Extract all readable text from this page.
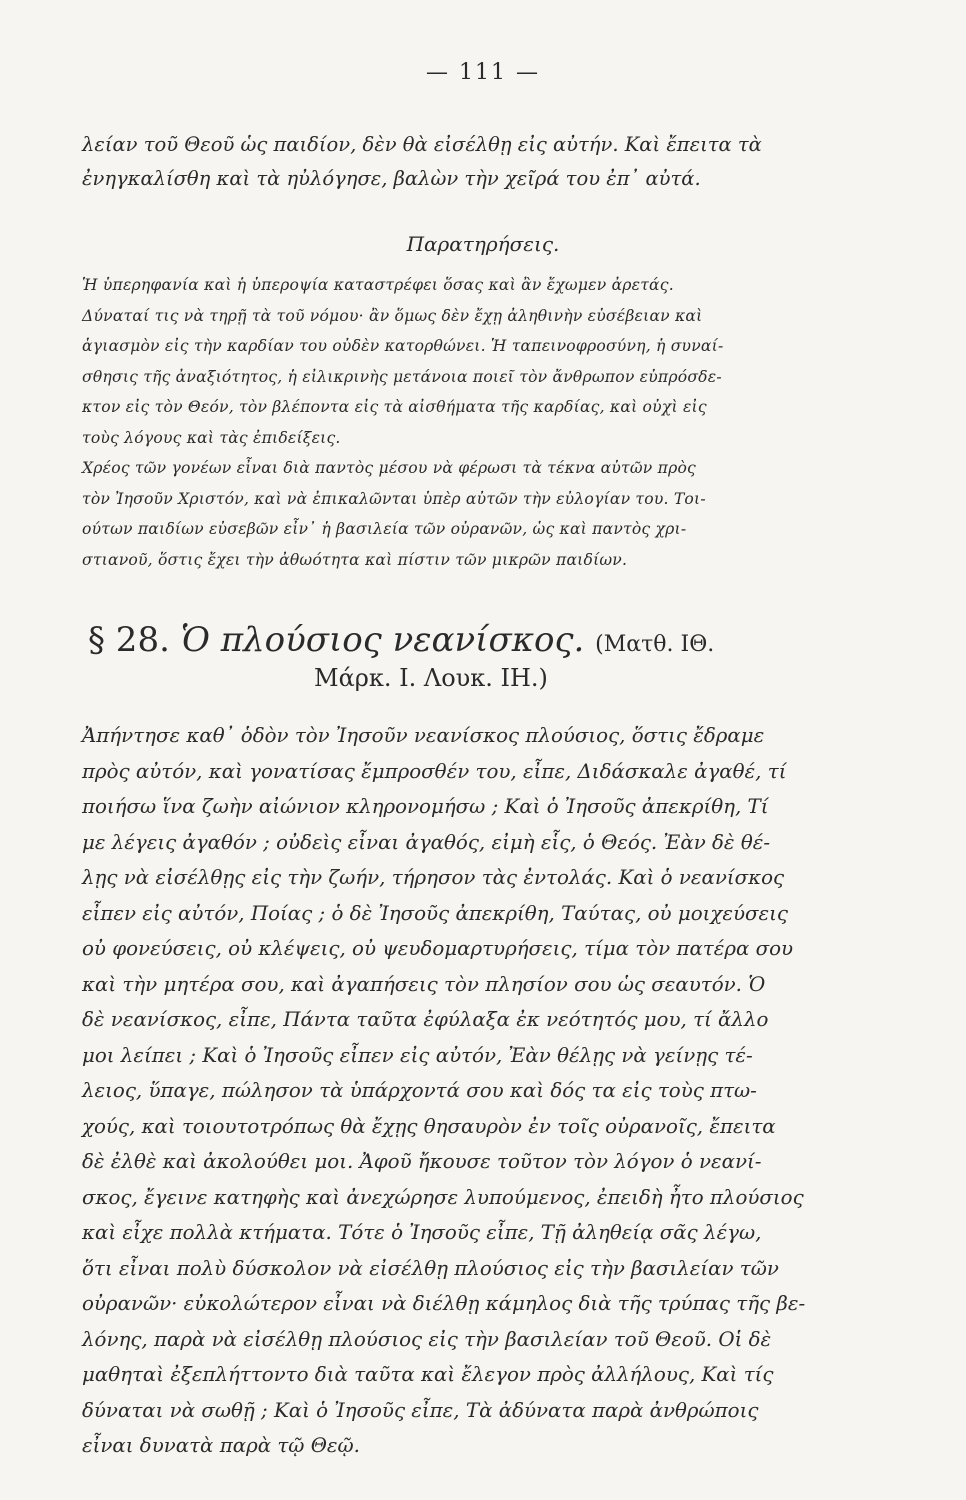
— 111 —
λείαν τοῦ Θεοῦ ὡς παιδίον, δὲν θὰ εἰσέλθῃ εἰς αὐτήν. Καὶ ἔπειτα τὰ
ἐνηγκαλίσθη καὶ τὰ ηὐλόγησε, βαλὼν τὴν χεῖρά του ἐπ᾽ αὐτά.
Παρατηρήσεις.
Ἡ ὑπερηφανία καὶ ἡ ὑπεροψία καταστρέφει ὅσας καὶ ἂν ἔχωμεν ἀρετάς.
Δύναταί τις νὰ τηρῇ τὰ τοῦ νόμου· ἂν ὅμως δὲν ἔχῃ ἀληθινὴν εὐσέβειαν καὶ
ἁγιασμὸν εἰς τὴν καρδίαν του οὐδὲν κατορθώνει. Ἡ ταπεινοφροσύνη, ἡ συναί-
σθησις τῆς ἀναξιότητος, ἡ εἰλικρινὴς μετάνοια ποιεῖ τὸν ἄνθρωπον εὐπρόσδε-
κτον εἰς τὸν Θεόν, τὸν βλέποντα εἰς τὰ αἰσθήματα τῆς καρδίας, καὶ οὐχὶ εἰς
τοὺς λόγους καὶ τὰς ἐπιδείξεις.
Χρέος τῶν γονέων εἶναι διὰ παντὸς μέσου νὰ φέρωσι τὰ τέκνα αὐτῶν πρὸς
τὸν Ἰησοῦν Χριστόν, καὶ νὰ ἐπικαλῶνται ὑπὲρ αὐτῶν τὴν εὐλογίαν του. Τοι-
ούτων παιδίων εὐσεβῶν εἶν᾽ ἡ βασιλεία τῶν οὐρανῶν, ὡς καὶ παντὸς χρι-
στιανοῦ, ὅστις ἔχει τὴν ἀθωότητα καὶ πίστιν τῶν μικρῶν παιδίων.
§ 28. Ὁ πλούσιος νεανίσκος. (Ματθ. ΙΘ.
Μάρκ. Ι. Λουκ. ΙΗ.)
Ἀπήντησε καθ᾽ ὁδὸν τὸν Ἰησοῦν νεανίσκος πλούσιος, ὅστις ἔδραμε
πρὸς αὐτόν, καὶ γονατίσας ἔμπροσθέν του, εἶπε, Διδάσκαλε ἀγαθέ, τί
ποιήσω ἵνα ζωὴν αἰώνιον κληρονομήσω ; Καὶ ὁ Ἰησοῦς ἀπεκρίθη, Τί
με λέγεις ἀγαθόν ; οὐδεὶς εἶναι ἀγαθός, εἰμὴ εἷς, ὁ Θεός. Ἐὰν δὲ θέ-
λῃς νὰ εἰσέλθῃς εἰς τὴν ζωήν, τήρησον τὰς ἐντολάς. Καὶ ὁ νεανίσκος
εἶπεν εἰς αὐτόν, Ποίας ; ὁ δὲ Ἰησοῦς ἀπεκρίθη, Ταύτας, οὐ μοιχεύσεις
οὐ φονεύσεις, οὐ κλέψεις, οὐ ψευδομαρτυρήσεις, τίμα τὸν πατέρα σου
καὶ τὴν μητέρα σου, καὶ ἀγαπήσεις τὸν πλησίον σου ὡς σεαυτόν. Ὁ
δὲ νεανίσκος, εἶπε, Πάντα ταῦτα ἐφύλαξα ἐκ νεότητός μου, τί ἄλλο
μοι λείπει ; Καὶ ὁ Ἰησοῦς εἶπεν εἰς αὐτόν, Ἐὰν θέλῃς νὰ γείνῃς τέ-
λειος, ὕπαγε, πώλησον τὰ ὑπάρχοντά σου καὶ δός τα εἰς τοὺς πτω-
χούς, καὶ τοιουτοτρόπως θὰ ἔχῃς θησαυρὸν ἐν τοῖς οὐρανοῖς, ἔπειτα
δὲ ἐλθὲ καὶ ἀκολούθει μοι. Ἀφοῦ ἤκουσε τοῦτον τὸν λόγον ὁ νεανί-
σκος, ἔγεινε κατηφὴς καὶ ἀνεχώρησε λυπούμενος, ἐπειδὴ ἦτο πλούσιος
καὶ εἶχε πολλὰ κτήματα. Τότε ὁ Ἰησοῦς εἶπε, Τῇ ἀληθείᾳ σᾶς λέγω,
ὅτι εἶναι πολὺ δύσκολον νὰ εἰσέλθῃ πλούσιος εἰς τὴν βασιλείαν τῶν
οὐρανῶν· εὐκολώτερον εἶναι νὰ διέλθῃ κάμηλος διὰ τῆς τρύπας τῆς βε-
λόνης, παρὰ νὰ εἰσέλθῃ πλούσιος εἰς τὴν βασιλείαν τοῦ Θεοῦ. Οἱ δὲ
μαθηταὶ ἐξεπλήττοντο διὰ ταῦτα καὶ ἔλεγον πρὸς ἀλλήλους, Καὶ τίς
δύναται νὰ σωθῇ ; Καὶ ὁ Ἰησοῦς εἶπε, Τὰ ἀδύνατα παρὰ ἀνθρώποις
εἶναι δυνατὰ παρὰ τῷ Θεῷ.
